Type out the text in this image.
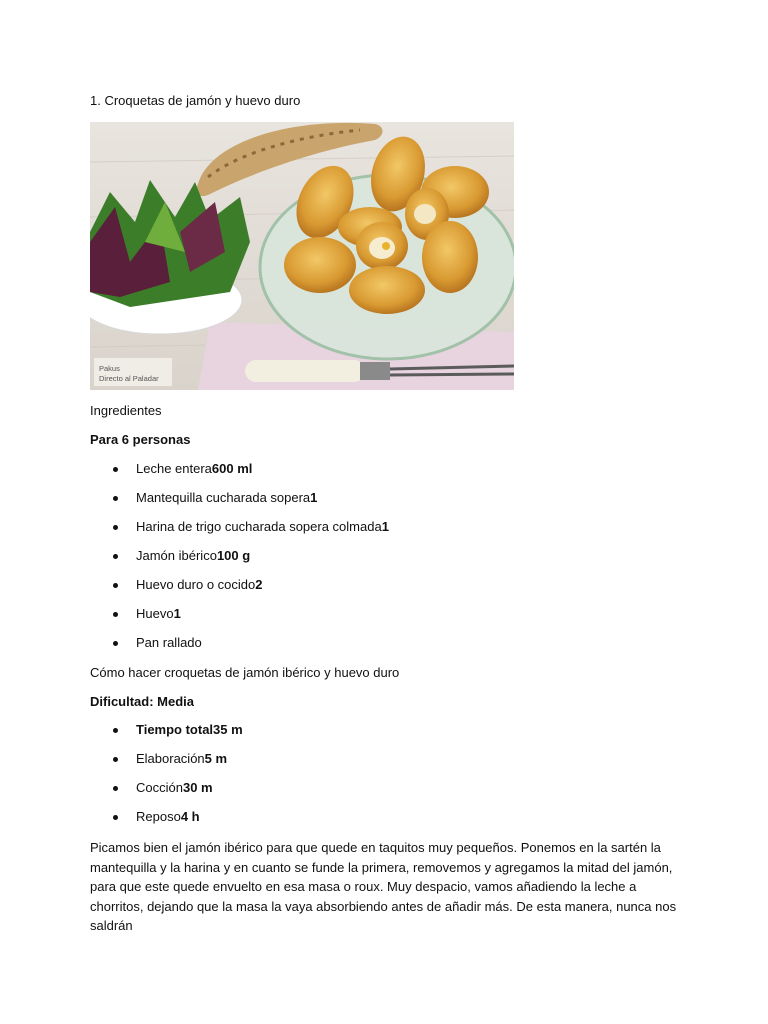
1. Croquetas de jamón y huevo duro
Pakus
Directo al Paladar
Ingredientes
Para 6 personas
Leche entera600 ml
Mantequilla cucharada sopera1
Harina de trigo cucharada sopera colmada1
Jamón ibérico100 g
Huevo duro o cocido2
Huevo1
Pan rallado
Cómo hacer croquetas de jamón ibérico y huevo duro
Dificultad: Media
Tiempo total35 m
Elaboración5 m
Cocción30 m
Reposo4 h
Picamos bien el jamón ibérico para que quede en taquitos muy pequeños. Ponemos en la sartén la mantequilla y la harina y en cuanto se funde la primera, removemos y agregamos la mitad del jamón, para que este quede envuelto en esa masa o roux. Muy despacio, vamos añadiendo la leche a chorritos, dejando que la masa la vaya absorbiendo antes de añadir más. De esta manera, nunca nos saldrán
